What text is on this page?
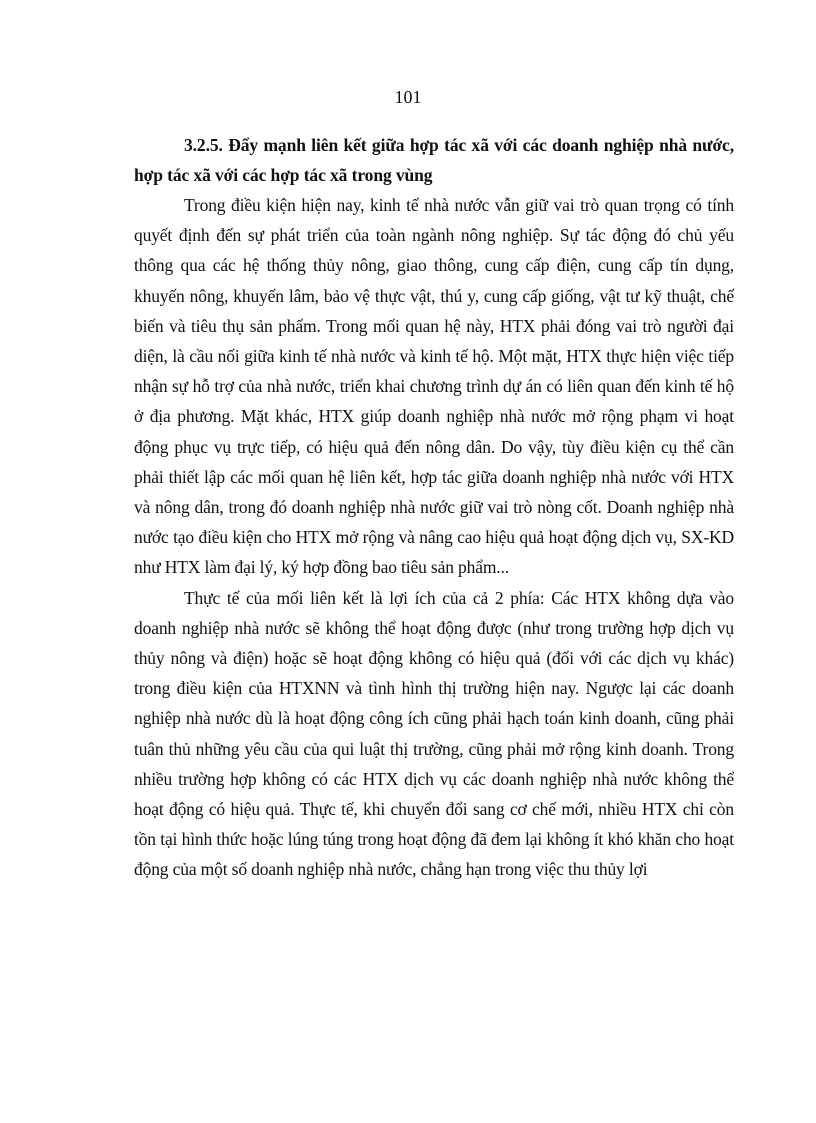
101

3.2.5. Đẩy mạnh liên kết giữa hợp tác xã với các doanh nghiệp nhà nước, hợp tác xã với các hợp tác xã trong vùng

Trong điều kiện hiện nay, kinh tế nhà nước vẫn giữ vai trò quan trọng có tính quyết định đến sự phát triển của toàn ngành nông nghiệp. Sự tác động đó chủ yếu thông qua các hệ thống thủy nông, giao thông, cung cấp điện, cung cấp tín dụng, khuyến nông, khuyến lâm, bảo vệ thực vật, thú y, cung cấp giống, vật tư kỹ thuật, chế biến và tiêu thụ sản phẩm. Trong mối quan hệ này, HTX phải đóng vai trò người đại diện, là cầu nối giữa kinh tế nhà nước và kinh tế hộ. Một mặt, HTX thực hiện việc tiếp nhận sự hỗ trợ của nhà nước, triển khai chương trình dự án có liên quan đến kinh tế hộ ở địa phương. Mặt khác, HTX giúp doanh nghiệp nhà nước mở rộng phạm vi hoạt động phục vụ trực tiếp, có hiệu quả đến nông dân. Do vậy, tùy điều kiện cụ thể cần phải thiết lập các mối quan hệ liên kết, hợp tác giữa doanh nghiệp nhà nước với HTX và nông dân, trong đó doanh nghiệp nhà nước giữ vai trò nòng cốt. Doanh nghiệp nhà nước tạo điều kiện cho HTX mở rộng và nâng cao hiệu quả hoạt động dịch vụ, SX-KD như HTX làm đại lý, ký hợp đồng bao tiêu sản phẩm...

Thực tế của mối liên kết là lợi ích của cả 2 phía: Các HTX không dựa vào doanh nghiệp nhà nước sẽ không thể hoạt động được (như trong trường hợp dịch vụ thủy nông và điện) hoặc sẽ hoạt động không có hiệu quả (đối với các dịch vụ khác) trong điều kiện của HTXNN và tình hình thị trường hiện nay. Ngược lại các doanh nghiệp nhà nước dù là hoạt động công ích cũng phải hạch toán kinh doanh, cũng phải tuân thủ những yêu cầu của qui luật thị trường, cũng phải mở rộng kinh doanh. Trong nhiều trường hợp không có các HTX dịch vụ các doanh nghiệp nhà nước không thể hoạt động có hiệu quả. Thực tế, khi chuyển đổi sang cơ chế mới, nhiều HTX chỉ còn tồn tại hình thức hoặc lúng túng trong hoạt động đã đem lại không ít khó khăn cho hoạt động của một số doanh nghiệp nhà nước, chẳng hạn trong việc thu thủy lợi
